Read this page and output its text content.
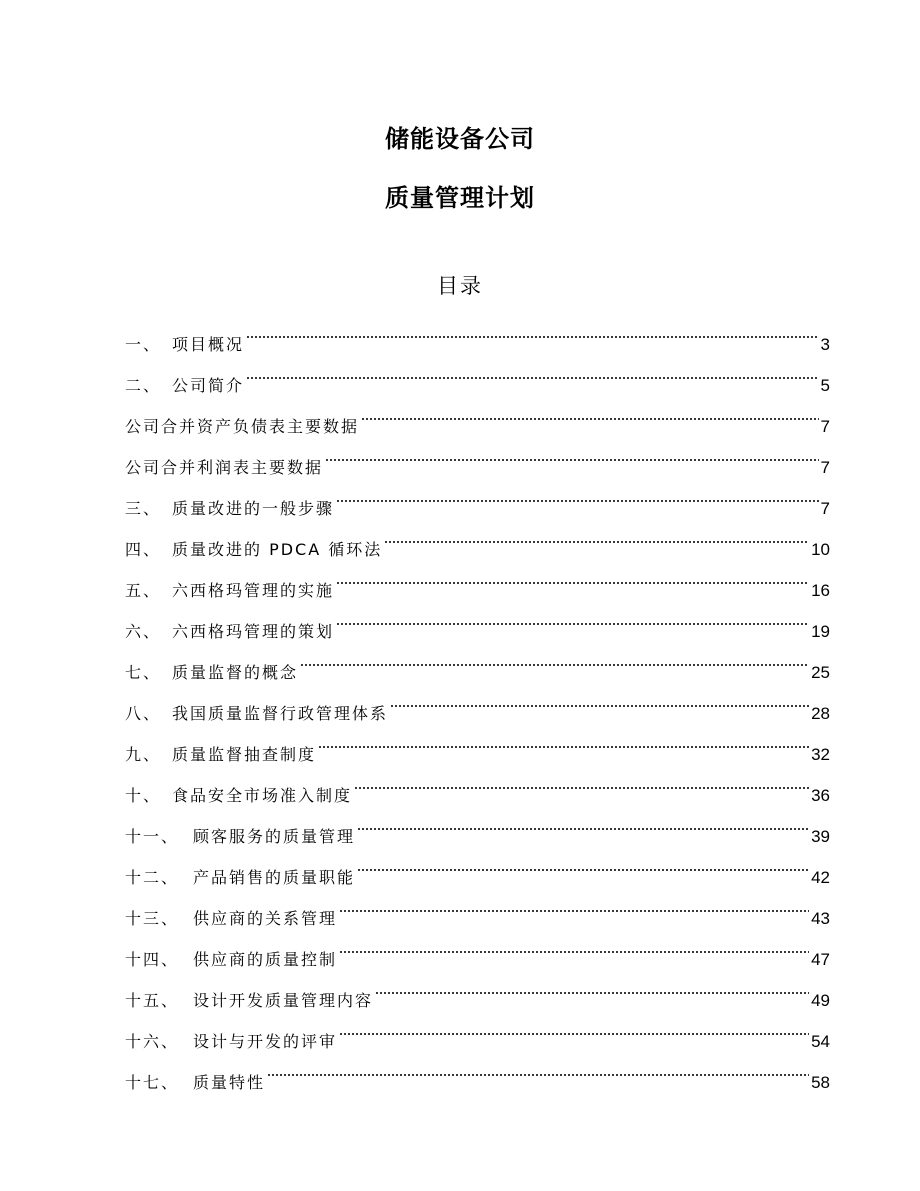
储能设备公司
质量管理计划
目录
一、 项目概况	3
二、 公司简介	5
公司合并资产负债表主要数据	7
公司合并利润表主要数据	7
三、 质量改进的一般步骤	7
四、 质量改进的 PDCA 循环法	10
五、 六西格玛管理的实施	16
六、 六西格玛管理的策划	19
七、 质量监督的概念	25
八、 我国质量监督行政管理体系	28
九、 质量监督抽查制度	32
十、 食品安全市场准入制度	36
十一、 顾客服务的质量管理	39
十二、 产品销售的质量职能	42
十三、 供应商的关系管理	43
十四、 供应商的质量控制	47
十五、 设计开发质量管理内容	49
十六、 设计与开发的评审	54
十七、 质量特性	58
